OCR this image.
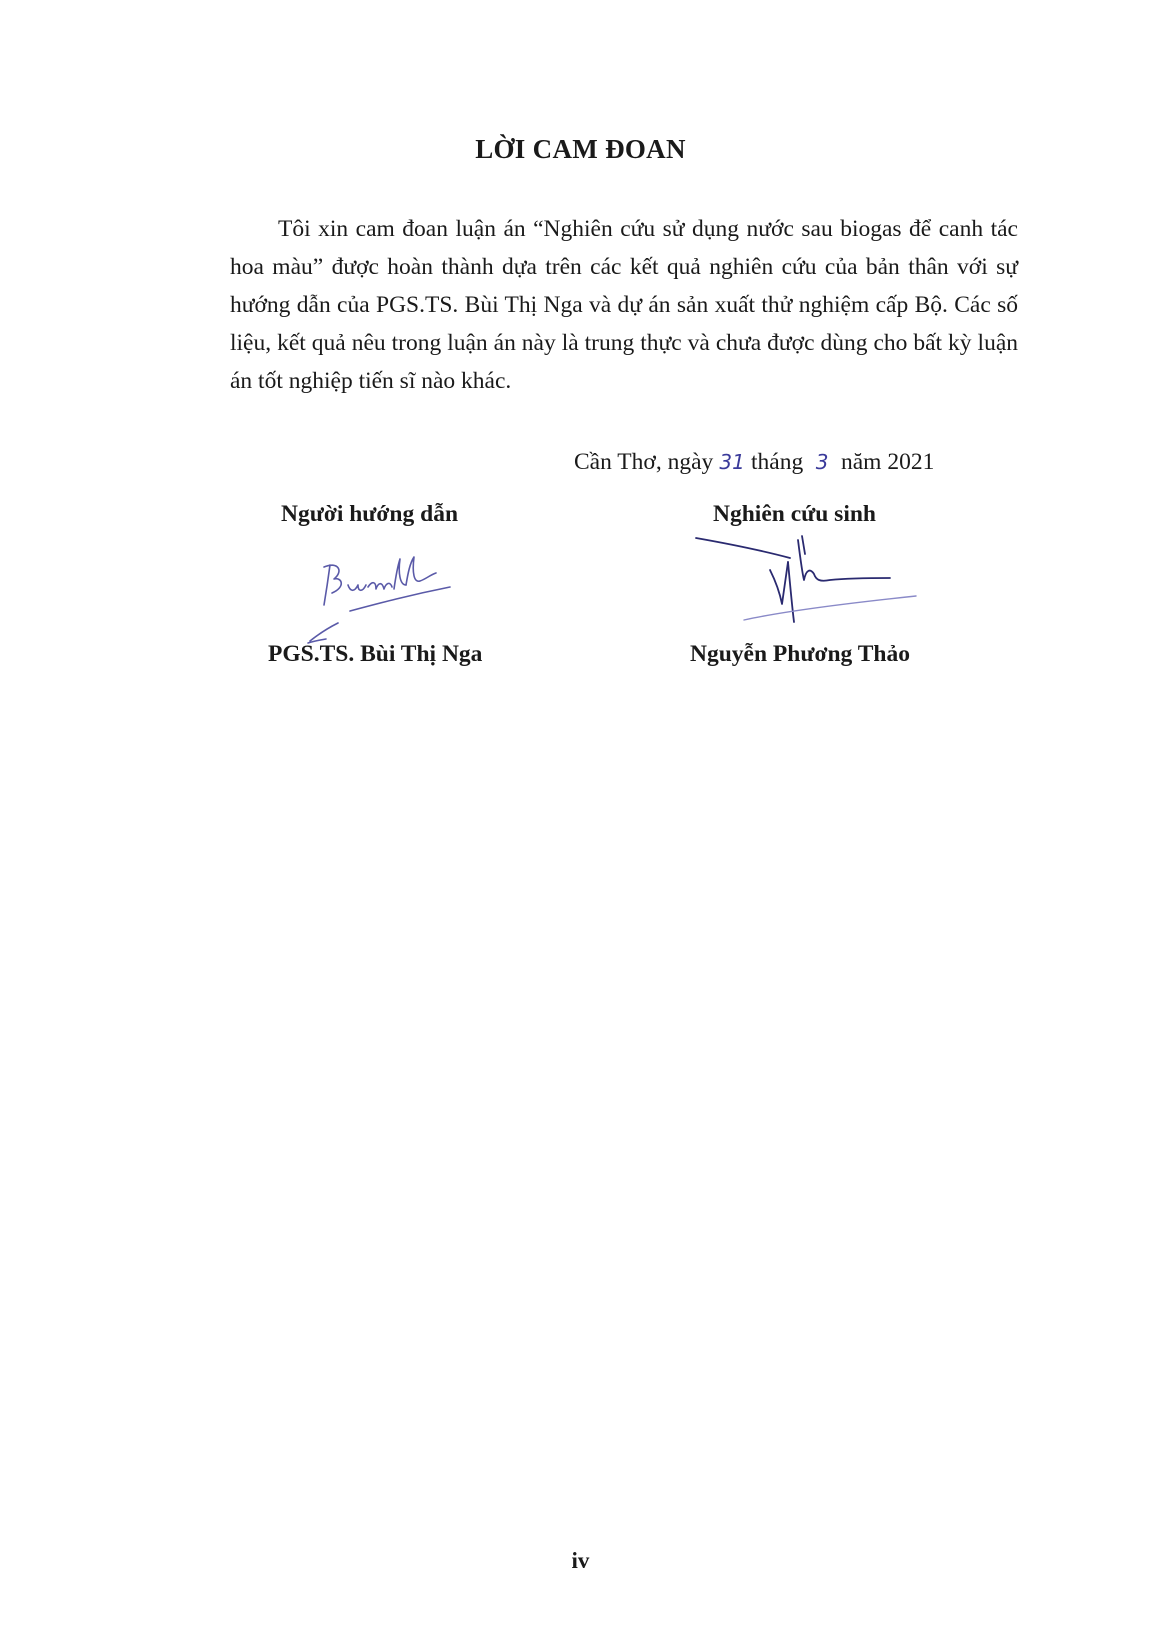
LỜI CAM ĐOAN
Tôi xin cam đoan luận án “Nghiên cứu sử dụng nước sau biogas để canh tác hoa màu” được hoàn thành dựa trên các kết quả nghiên cứu của bản thân với sự hướng dẫn của PGS.TS. Bùi Thị Nga và dự án sản xuất thử nghiệm cấp Bộ. Các số liệu, kết quả nêu trong luận án này là trung thực và chưa được dùng cho bất kỳ luận án tốt nghiệp tiến sĩ nào khác.
Cần Thơ, ngày 31 tháng 3 năm 2021
Người hướng dẫn	Nghiên cứu sinh
PGS.TS. Bùi Thị Nga	Nguyễn Phương Thảo
iv
